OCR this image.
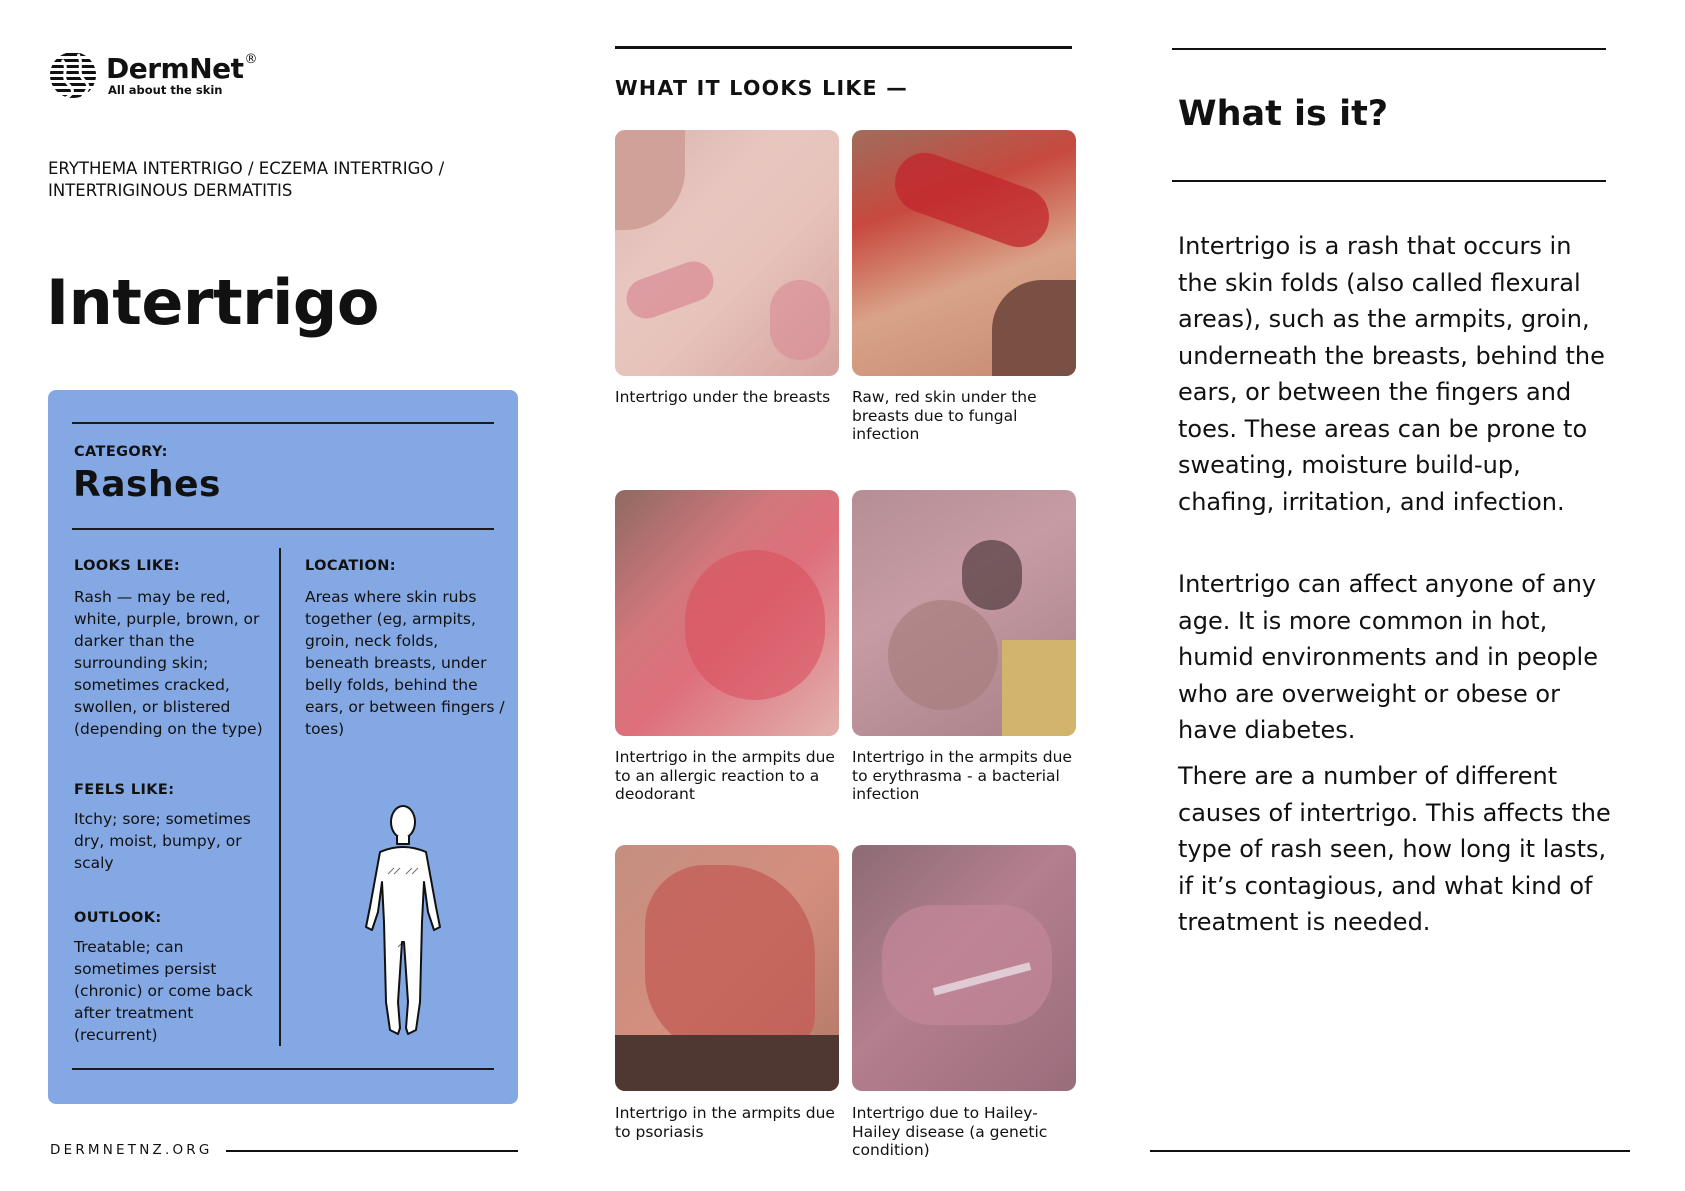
DermNet®
All about the skin
ERYTHEMA INTERTRIGO / ECZEMA INTERTRIGO / INTERTRIGINOUS DERMATITIS
Intertrigo
CATEGORY:
Rashes
LOOKS LIKE:
Rash — may be red, white, purple, brown, or darker than the surrounding skin; sometimes cracked, swollen, or blistered (depending on the type)
LOCATION:
Areas where skin rubs together (eg, armpits, groin, neck folds, beneath breasts, under belly folds, behind the ears, or between fingers / toes)
FEELS LIKE:
Itchy; sore; sometimes dry, moist, bumpy, or scaly
OUTLOOK:
Treatable; can sometimes persist (chronic) or come back after treatment (recurrent)
DERMNETNZ.ORG
WHAT IT LOOKS LIKE —
Intertrigo under the breasts	Raw, red skin under the breasts due to fungal infection
Intertrigo in the armpits due to an allergic reaction to a deodorant
Intertrigo in the armpits due to erythrasma - a bacterial infection
Intertrigo in the armpits due to psoriasis
Intertrigo due to Hailey-Hailey disease (a genetic condition)
What is it?
Intertrigo is a rash that occurs in the skin folds (also called flexural areas), such as the armpits, groin, underneath the breasts, behind the ears, or between the fingers and toes. These areas can be prone to sweating, moisture build-up, chafing, irritation, and infection.
Intertrigo can affect anyone of any age. It is more common in hot, humid environments and in people who are overweight or obese or have diabetes.
There are a number of different causes of intertrigo. This affects the type of rash seen, how long it lasts, if it’s contagious, and what kind of treatment is needed.
